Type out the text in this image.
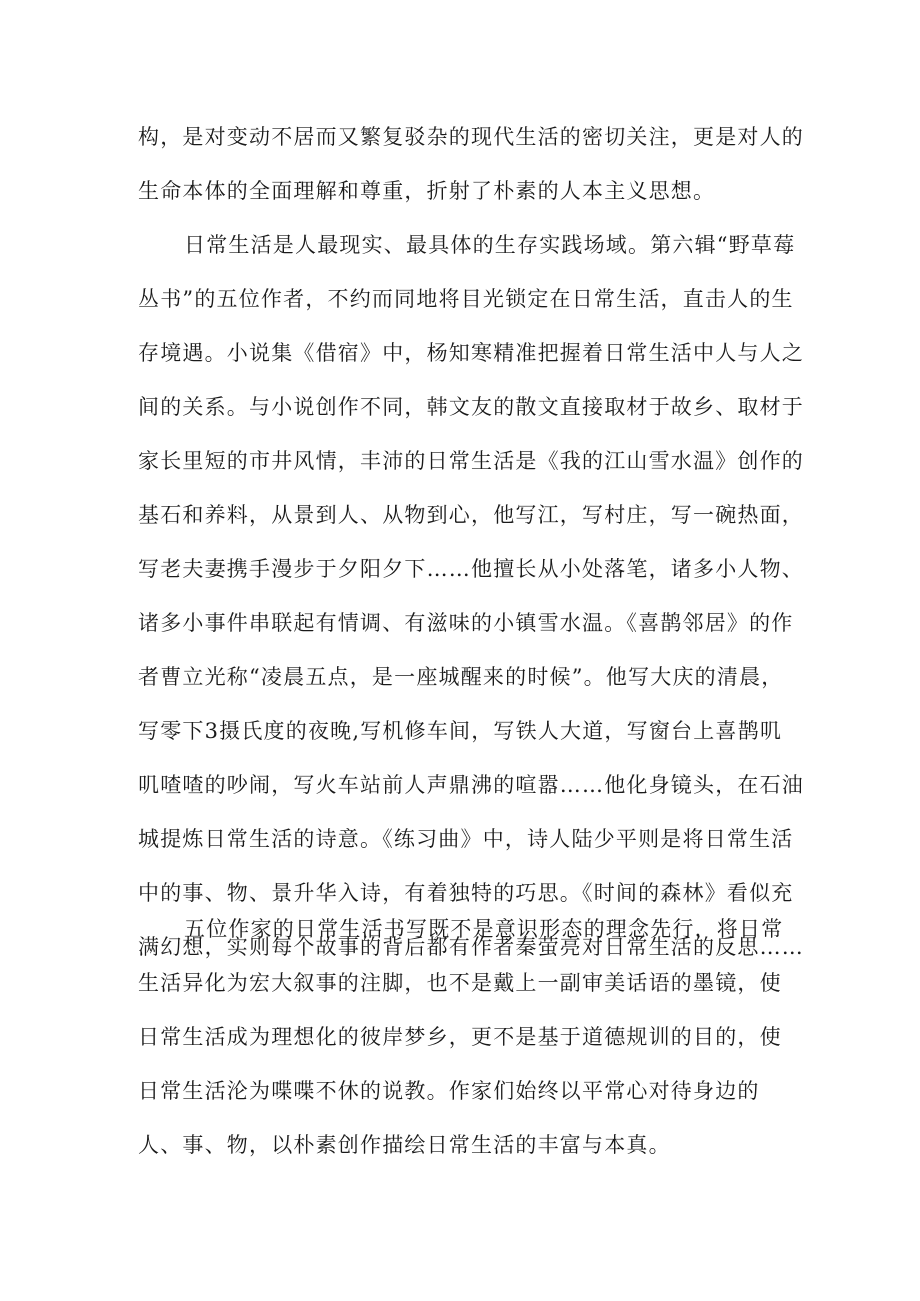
构，是对变动不居而又繁复驳杂的现代生活的密切关注，更是对人的
生命本体的全面理解和尊重，折射了朴素的人本主义思想。
日常生活是人最现实、最具体的生存实践场域。第六辑“野草莓
丛书”的五位作者，不约而同地将目光锁定在日常生活，直击人的生
存境遇。小说集《借宿》中，杨知寒精准把握着日常生活中人与人之
间的关系。与小说创作不同，韩文友的散文直接取材于故乡、取材于
家长里短的市井风情，丰沛的日常生活是《我的江山雪水温》创作的
基石和养料，从景到人、从物到心，他写江，写村庄，写一碗热面，
写老夫妻携手漫步于夕阳夕下……他擅长从小处落笔，诸多小人物、
诸多小事件串联起有情调、有滋味的小镇雪水温。《喜鹊邻居》的作
者曹立光称“凌晨五点，是一座城醒来的时候”。他写大庆的清晨，
写零下3摄氏度的夜晚,写机修车间，写铁人大道，写窗台上喜鹊叽
叽喳喳的吵闹，写火车站前人声鼎沸的喧嚣……他化身镜头，在石油
城提炼日常生活的诗意。《练习曲》中，诗人陆少平则是将日常生活
中的事、物、景升华入诗，有着独特的巧思。《时间的森林》看似充
满幻想，实则每个故事的背后都有作者秦萤亮对日常生活的反思……
五位作家的日常生活书写既不是意识形态的理念先行，将日常
生活异化为宏大叙事的注脚，也不是戴上一副审美话语的墨镜，使
日常生活成为理想化的彼岸梦乡，更不是基于道德规训的目的，使
日常生活沦为喋喋不休的说教。作家们始终以平常心对待身边的
人、事、物，以朴素创作描绘日常生活的丰富与本真。
